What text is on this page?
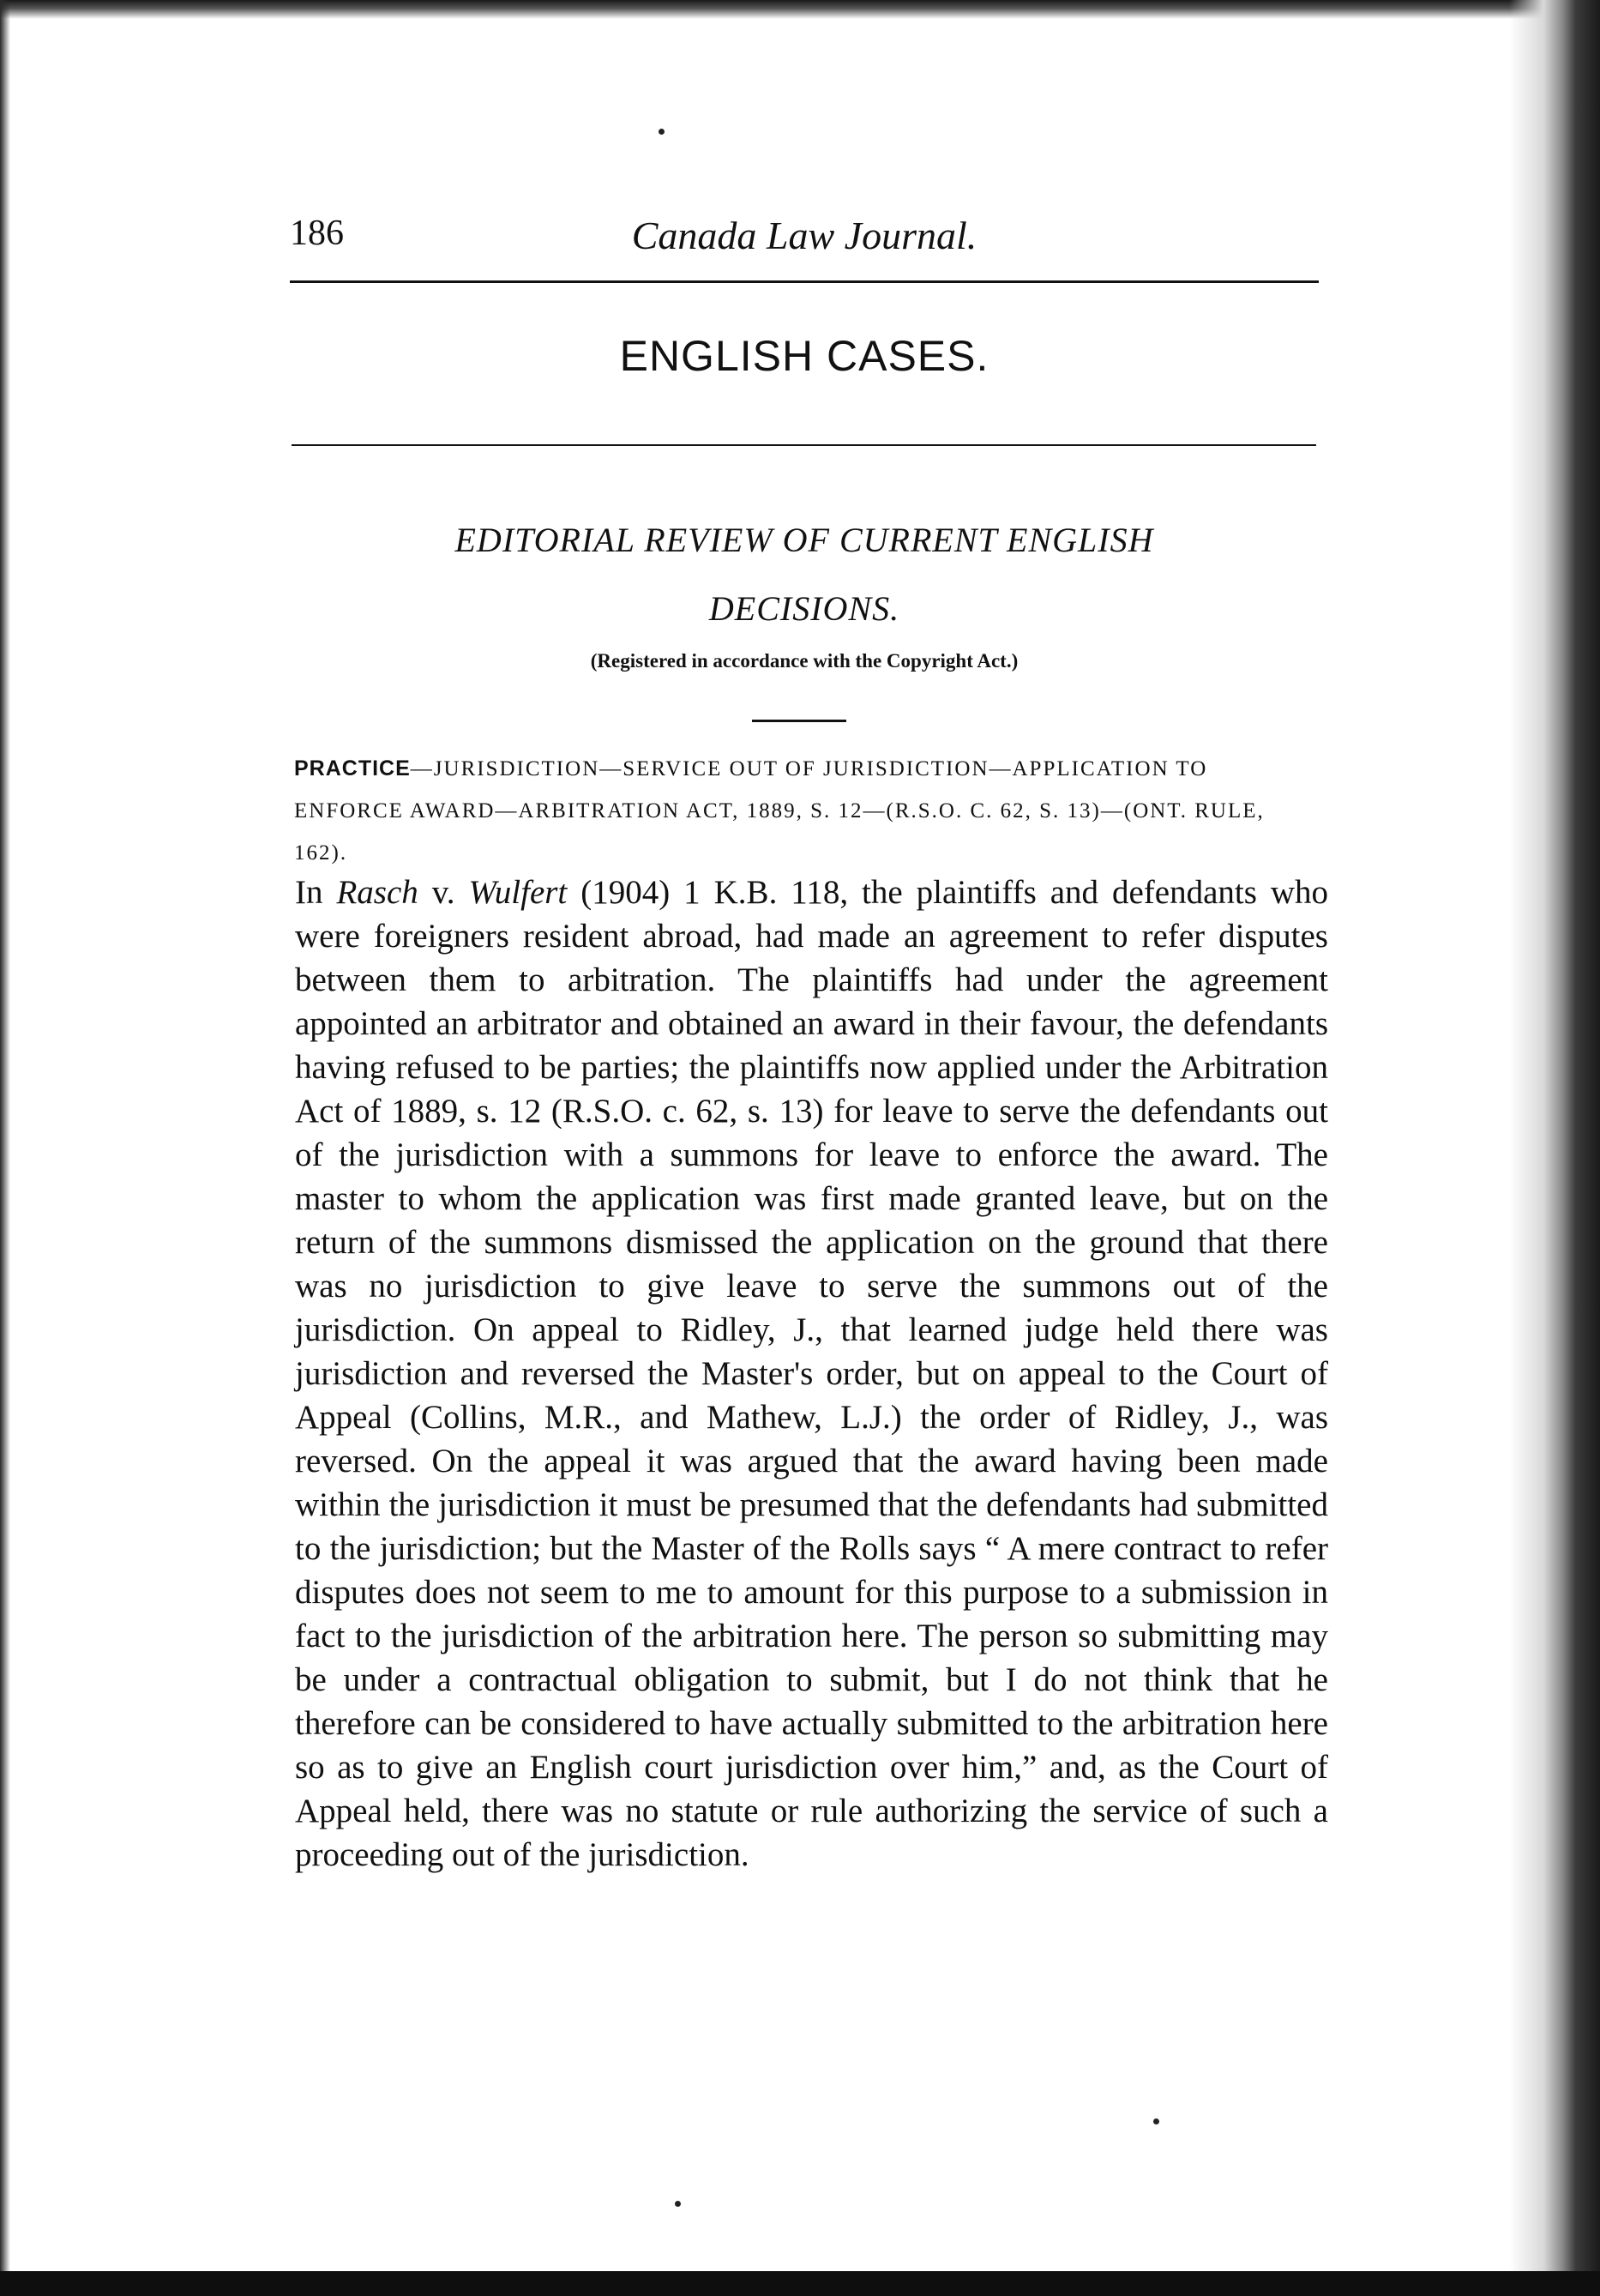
186	Canada Law Journal.
ENGLISH CASES.
EDITORIAL REVIEW OF CURRENT ENGLISH
DECISIONS.
(Registered in accordance with the Copyright Act.)
PRACTICE—JURISDICTION—SERVICE OUT OF JURISDICTION—APPLICATION TO ENFORCE AWARD—ARBITRATION ACT, 1889, S. 12—(R.S.O. C. 62, S. 13)—(ONT. RULE, 162).
In Rasch v. Wulfert (1904) 1 K.B. 118, the plaintiffs and defendants who were foreigners resident abroad, had made an agreement to refer disputes between them to arbitration. The plaintiffs had under the agreement appointed an arbitrator and obtained an award in their favour, the defendants having refused to be parties; the plaintiffs now applied under the Arbitration Act of 1889, s. 12 (R.S.O. c. 62, s. 13) for leave to serve the defendants out of the jurisdiction with a summons for leave to enforce the award. The master to whom the application was first made granted leave, but on the return of the summons dismissed the application on the ground that there was no jurisdiction to give leave to serve the summons out of the jurisdiction. On appeal to Ridley, J., that learned judge held there was jurisdiction and reversed the Master's order, but on appeal to the Court of Appeal (Collins, M.R., and Mathew, L.J.) the order of Ridley, J., was reversed. On the appeal it was argued that the award having been made within the jurisdiction it must be presumed that the defendants had submitted to the jurisdiction; but the Master of the Rolls says “ A mere contract to refer disputes does not seem to me to amount for this purpose to a submission in fact to the jurisdiction of the arbitration here. The person so submitting may be under a contractual obligation to submit, but I do not think that he therefore can be considered to have actually submitted to the arbitration here so as to give an English court jurisdiction over him,” and, as the Court of Appeal held, there was no statute or rule authorizing the service of such a proceeding out of the jurisdiction.
